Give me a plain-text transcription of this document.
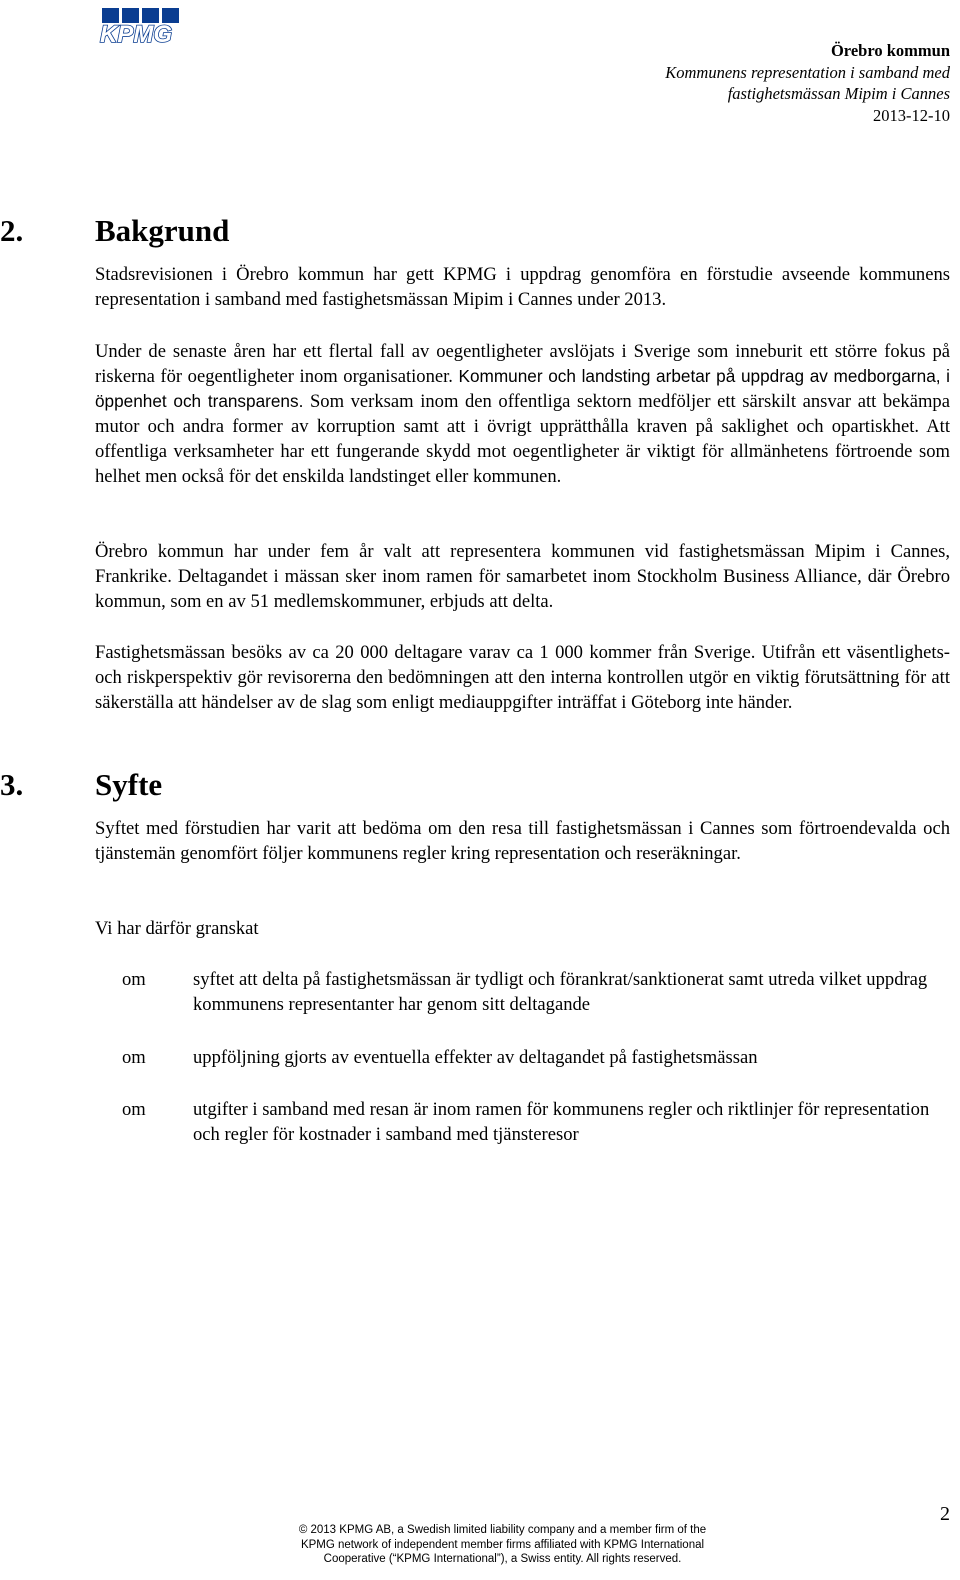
KPMG
Örebro kommun
Kommunens representation i samband med
fastighetsmässan Mipim i Cannes
2013-12-10
2. Bakgrund

Stadsrevisionen i Örebro kommun har gett KPMG i uppdrag genomföra en förstudie avseende kommunens representation i samband med fastighetsmässan Mipim i Cannes under 2013.

Under de senaste åren har ett flertal fall av oegentligheter avslöjats i Sverige som inneburit ett större fokus på riskerna för oegentligheter inom organisationer. Kommuner och landsting arbetar på uppdrag av medborgarna, i öppenhet och transparens. Som verksam inom den offentliga sektorn medföljer ett särskilt ansvar att bekämpa mutor och andra former av korruption samt att i övrigt upprätthålla kraven på saklighet och opartiskhet. Att offentliga verksamheter har ett fungerande skydd mot oegentligheter är viktigt för allmänhetens förtroende som helhet men också för det enskilda landstinget eller kommunen.

Örebro kommun har under fem år valt att representera kommunen vid fastighetsmässan Mipim i Cannes, Frankrike. Deltagandet i mässan sker inom ramen för samarbetet inom Stockholm Business Alliance, där Örebro kommun, som en av 51 medlemskommuner, erbjuds att delta.

Fastighetsmässan besöks av ca 20 000 deltagare varav ca 1 000 kommer från Sverige. Utifrån ett väsentlighets- och riskperspektiv gör revisorerna den bedömningen att den interna kontrollen utgör en viktig förutsättning för att säkerställa att händelser av de slag som enligt mediauppgifter inträffat i Göteborg inte händer.

3. Syfte

Syftet med förstudien har varit att bedöma om den resa till fastighetsmässan i Cannes som förtroendevalda och tjänstemän genomfört följer kommunens regler kring representation och reseräkningar.

Vi har därför granskat

om	syftet att delta på fastighetsmässan är tydligt och förankrat/sanktionerat samt utreda vilket uppdrag kommunens representanter har genom sitt deltagande
om	uppföljning gjorts av eventuella effekter av deltagandet på fastighetsmässan
om	utgifter i samband med resan är inom ramen för kommunens regler och riktlinjer för representation och regler för kostnader i samband med tjänsteresor
© 2013 KPMG AB, a Swedish limited liability company and a member firm of the
KPMG network of independent member firms affiliated with KPMG International
Cooperative (“KPMG International”), a Swiss entity. All rights reserved.
2
